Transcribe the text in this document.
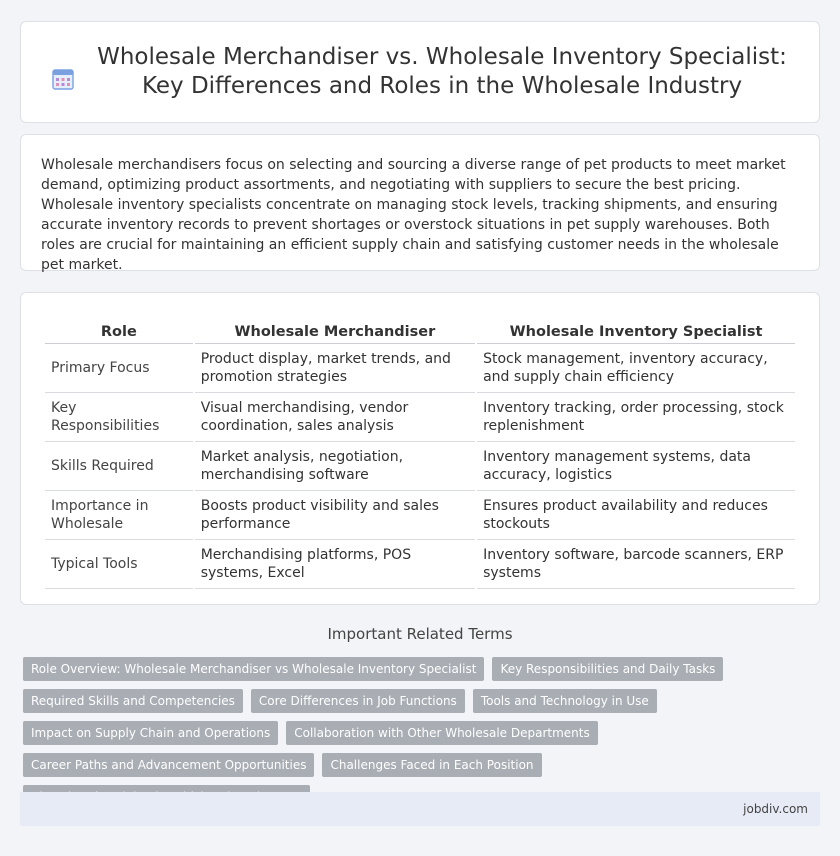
Wholesale Merchandiser vs. Wholesale Inventory Specialist: Key Differences and Roles in the Wholesale Industry

Wholesale merchandisers focus on selecting and sourcing a diverse range of pet products to meet market demand, optimizing product assortments, and negotiating with suppliers to secure the best pricing. Wholesale inventory specialists concentrate on managing stock levels, tracking shipments, and ensuring accurate inventory records to prevent shortages or overstock situations in pet supply warehouses. Both roles are crucial for maintaining an efficient supply chain and satisfying customer needs in the wholesale pet market.

Role	Wholesale Merchandiser	Wholesale Inventory Specialist
Primary Focus	Product display, market trends, and promotion strategies	Stock management, inventory accuracy, and supply chain efficiency
Key Responsibilities	Visual merchandising, vendor coordination, sales analysis	Inventory tracking, order processing, stock replenishment
Skills Required	Market analysis, negotiation, merchandising software	Inventory management systems, data accuracy, logistics
Importance in Wholesale	Boosts product visibility and sales performance	Ensures product availability and reduces stockouts
Typical Tools	Merchandising platforms, POS systems, Excel	Inventory software, barcode scanners, ERP systems
Important Related Terms
Role Overview: Wholesale Merchandiser vs Wholesale Inventory Specialist	Key Responsibilities and Daily Tasks
Required Skills and Competencies	Core Differences in Job Functions	Tools and Technology in Use
Impact on Supply Chain and Operations	Collaboration with Other Wholesale Departments
Career Paths and Advancement Opportunities	Challenges Faced in Each Position
jobdiv.com
